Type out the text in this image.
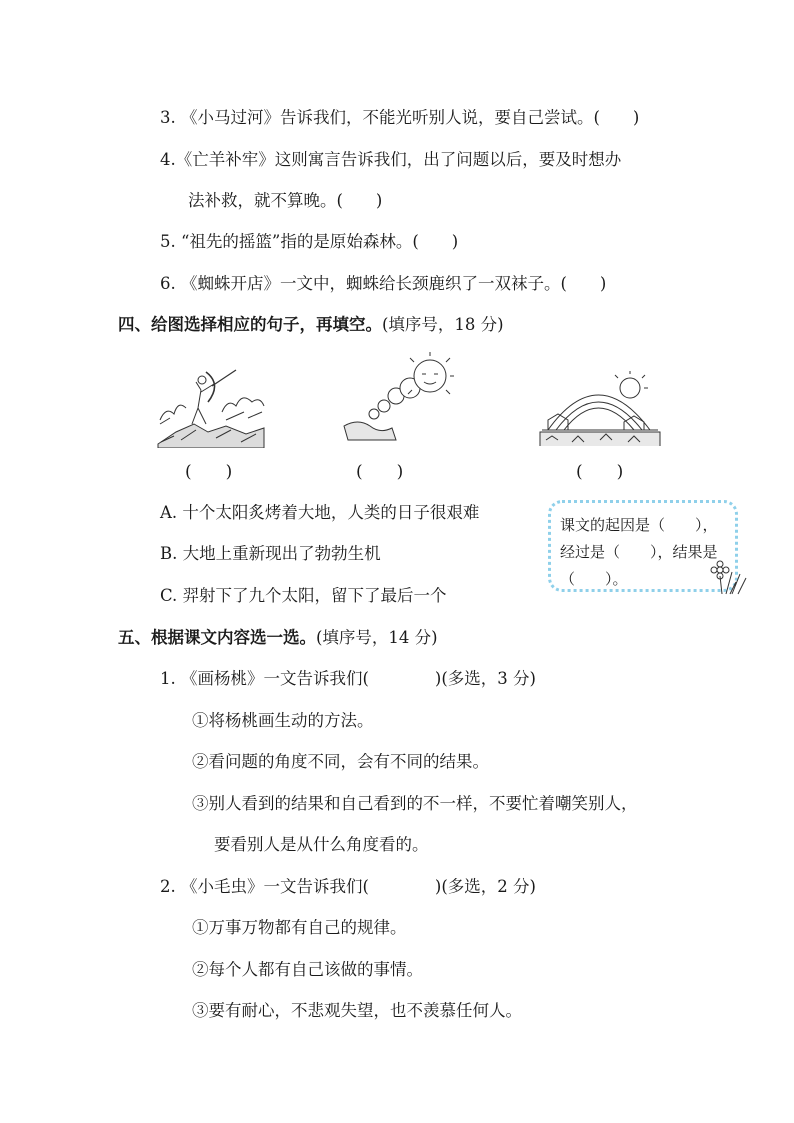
3. 《小马过河》告诉我们，不能光听别人说，要自己尝试。(　　)
4.《亡羊补牢》这则寓言告诉我们，出了问题以后，要及时想办
法补救，就不算晚。(　　)
5. “祖先的摇篮”指的是原始森林。(　　)
6. 《蜘蛛开店》一文中，蜘蛛给长颈鹿织了一双袜子。(　　)
四、给图选择相应的句子，再填空。(填序号，18 分)
(　　)	(　　)	(　　)
A. 十个太阳炙烤着大地，人类的日子很艰难
B. 大地上重新现出了勃勃生机
C. 羿射下了九个太阳，留下了最后一个
课文的起因是（　　），
经过是（　　），结果是
（　　）。
五、根据课文内容选一选。(填序号，14 分)
1. 《画杨桃》一文告诉我们(　　　　)(多选，3 分)
①将杨桃画生动的方法。
②看问题的角度不同，会有不同的结果。
③别人看到的结果和自己看到的不一样，不要忙着嘲笑别人，
要看别人是从什么角度看的。
2. 《小毛虫》一文告诉我们(　　　　)(多选，2 分)
①万事万物都有自己的规律。
②每个人都有自己该做的事情。
③要有耐心，不悲观失望，也不羡慕任何人。
